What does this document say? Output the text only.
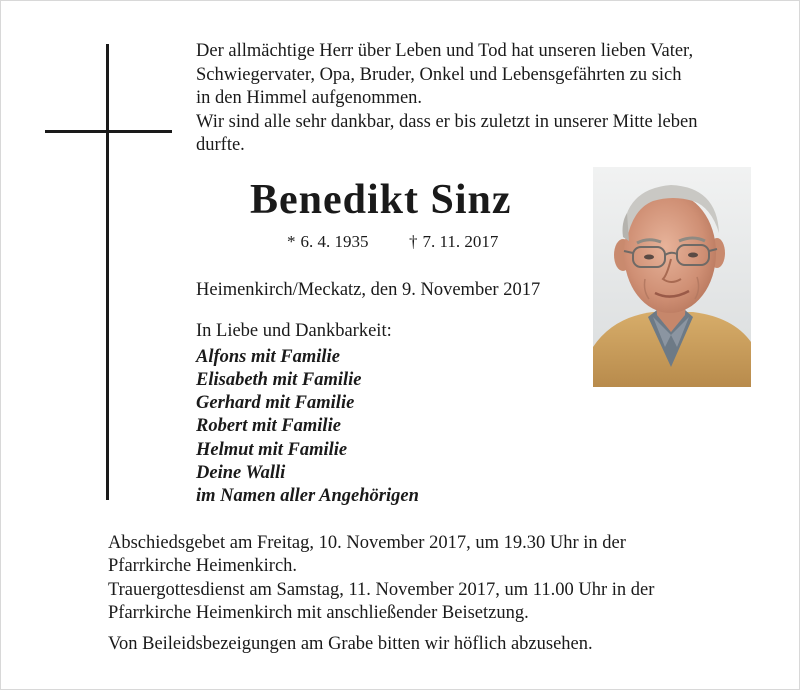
Der allmächtige Herr über Leben und Tod hat unseren lieben Vater,

Schwiegervater, Opa, Bruder, Onkel und Lebensgefährten zu sich

in den Himmel aufgenommen.

Wir sind alle sehr dankbar, dass er bis zuletzt in unserer Mitte leben

durfte.

Benedikt Sinz
* 6. 4. 1935 † 7. 11. 2017
Heimenkirch/Meckatz, den 9. November 2017
In Liebe und Dankbarkeit:
Alfons mit Familie
Elisabeth mit Familie
Gerhard mit Familie
Robert mit Familie
Helmut mit Familie
Deine Walli
im Namen aller Angehörigen

Abschiedsgebet am Freitag, 10. November 2017, um 19.30 Uhr in der

Pfarrkirche Heimenkirch.

Trauergottesdienst am Samstag, 11. November 2017, um 11.00 Uhr in der

Pfarrkirche Heimenkirch mit anschließender Beisetzung.

Von Beileidsbezeigungen am Grabe bitten wir höflich abzusehen.
